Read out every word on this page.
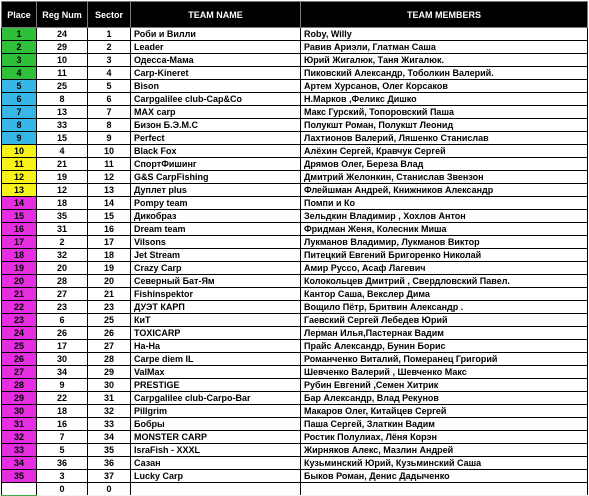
Place	Reg Num	Sector	TEAM NAME	TEAM MEMBERS
1	24	1	Роби и Вилли	Roby, Willy
2	29	2	Leader	Равив Ариэли, Глатман Саша
3	10	3	Одесса-Мама	Юрий Жигалюк, Таня Жигалюк.
4	11	4	Carp-Kineret	Пиковский Александр, Тоболкин Валерий.
5	25	5	Bison	Артем Хурсанов, Олег Корсаков
6	8	6	Carpgalilee club-Cap&Co	Н.Марков ,Феликс Дишко
7	13	7	MAX carp	Макс Гурский, Топоровский Паша
8	33	8	Бизон Б.Э.М.С	Полукшт Роман, Полукшт Леонид
9	15	9	Perfect	Лахтионов Валерий, Ляшенко Станислав
10	4	10	Black Fox	Алёхин Сергей, Кравчук Сергей
11	21	11	СпортФишинг	Дрямов Олег, Береза Влад
12	19	12	G&S CarpFishing	Дмитрий Желонкин, Станислав Звензон
13	12	13	Дуплет plus	Флейшман Андрей, Книжников Александр
14	18	14	Pompy team	Помпи и Ко
15	35	15	Дикобраз	Зельдкин Владимир , Хохлов Антон
16	31	16	Dream team	Фридман Женя, Колесник Миша
17	2	17	Vilsons	Лукманов Владимир, Лукманов Виктор
18	32	18	Jet Stream	Питецкий Евгений Бригоренко Николай
19	20	19	Crazy Carp	Амир Руссо, Асаф Лагевич
20	28	20	Северный Бат-Ям	Колокольцев Дмитрий , Свердловский Павел.
21	27	21	Fishinspektor	Кантор Саша, Векслер Дима
22	23	23	ДУЭТ КАРП	Вощило Пётр, Бритвин Александр .
23	6	25	КиТ	Гаевский Сергей Лебедев Юрий
24	26	26	TOXICARP	Лерман Илья,Пастернак Вадим
25	17	27	На-На	Прайс Александр, Бунин Борис
26	30	28	Carpe diem IL	Романченко Виталий, Померанец Григорий
27	34	29	ValMax	Шевченко Валерий , Шевченко Макс
28	9	30	PRESTIGE	Рубин Евгений ,Семен Хитрик
29	22	31	Carpgalilee club-Carpo-Bar	Бар Александр, Влад Рекунов
30	18	32	Pillgrim	Макаров Олег, Китайцев Сергей
31	16	33	Бобры	Паша Сергей, Златкин Вадим
32	7	34	MONSTER CARP	Ростик Полулиах, Лёня Корэн
33	5	35	IsraFish - XXXL	Жирняков Алекс, Мазлин Андрей
34	36	36	Сазан	Кузьминский Юрий, Кузьминский Саша
35	3	37	Lucky Carp	Быков Роман, Денис Дадыченко
	0	0		
